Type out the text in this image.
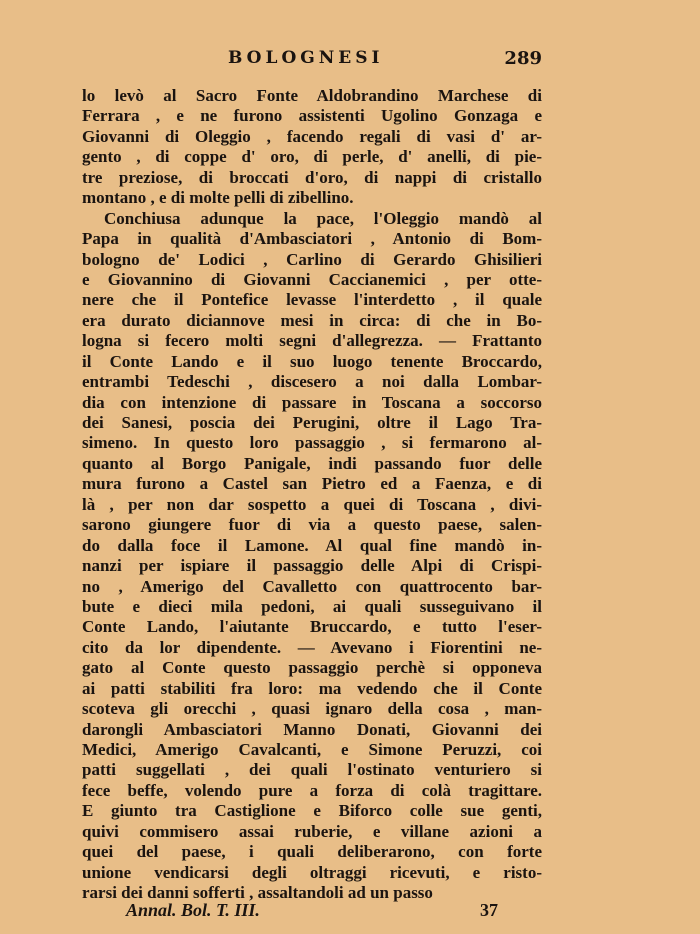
BOLOGNESI	289
lo levò al Sacro Fonte Aldobrandino Marchese di
Ferrara , e ne furono assistenti Ugolino Gonzaga e
Giovanni di Oleggio , facendo regali di vasi d' ar-
gento , di coppe d' oro, di perle, d' anelli, di pie-
tre preziose, di broccati d'oro, di nappi di cristallo
montano , e di molte pelli di zibellino.
Conchiusa adunque la pace, l'Oleggio mandò al
Papa in qualità d'Ambasciatori , Antonio di Bom-
bologno de' Lodici , Carlino di Gerardo Ghisilieri
e Giovannino di Giovanni Caccianemici , per otte-
nere che il Pontefice levasse l'interdetto , il quale
era durato diciannove mesi in circa: di che in Bo-
logna si fecero molti segni d'allegrezza. — Frattanto
il Conte Lando e il suo luogo tenente Broccardo,
entrambi Tedeschi , discesero a noi dalla Lombar-
dia con intenzione di passare in Toscana a soccorso
dei Sanesi, poscia dei Perugini, oltre il Lago Tra-
simeno. In questo loro passaggio , si fermarono al-
quanto al Borgo Panigale, indi passando fuor delle
mura furono a Castel san Pietro ed a Faenza, e di
là , per non dar sospetto a quei di Toscana , divi-
sarono giungere fuor di via a questo paese, salen-
do dalla foce il Lamone. Al qual fine mandò in-
nanzi per ispiare il passaggio delle Alpi di Crispi-
no , Amerigo del Cavalletto con quattrocento bar-
bute e dieci mila pedoni, ai quali susseguivano il
Conte Lando, l'aiutante Bruccardo, e tutto l'eser-
cito da lor dipendente. — Avevano i Fiorentini ne-
gato al Conte questo passaggio perchè si opponeva
ai patti stabiliti fra loro: ma vedendo che il Conte
scoteva gli orecchi , quasi ignaro della cosa , man-
darongli Ambasciatori Manno Donati, Giovanni dei
Medici, Amerigo Cavalcanti, e Simone Peruzzi, coi
patti suggellati , dei quali l'ostinato venturiero si
fece beffe, volendo pure a forza di colà tragittare.
E giunto tra Castiglione e Biforco colle sue genti,
quivi commisero assai ruberie, e villane azioni a
quei del paese, i quali deliberarono, con forte
unione vendicarsi degli oltraggi ricevuti, e risto-
rarsi dei danni sofferti , assaltandoli ad un passo
Annal. Bol. T. III.	37
